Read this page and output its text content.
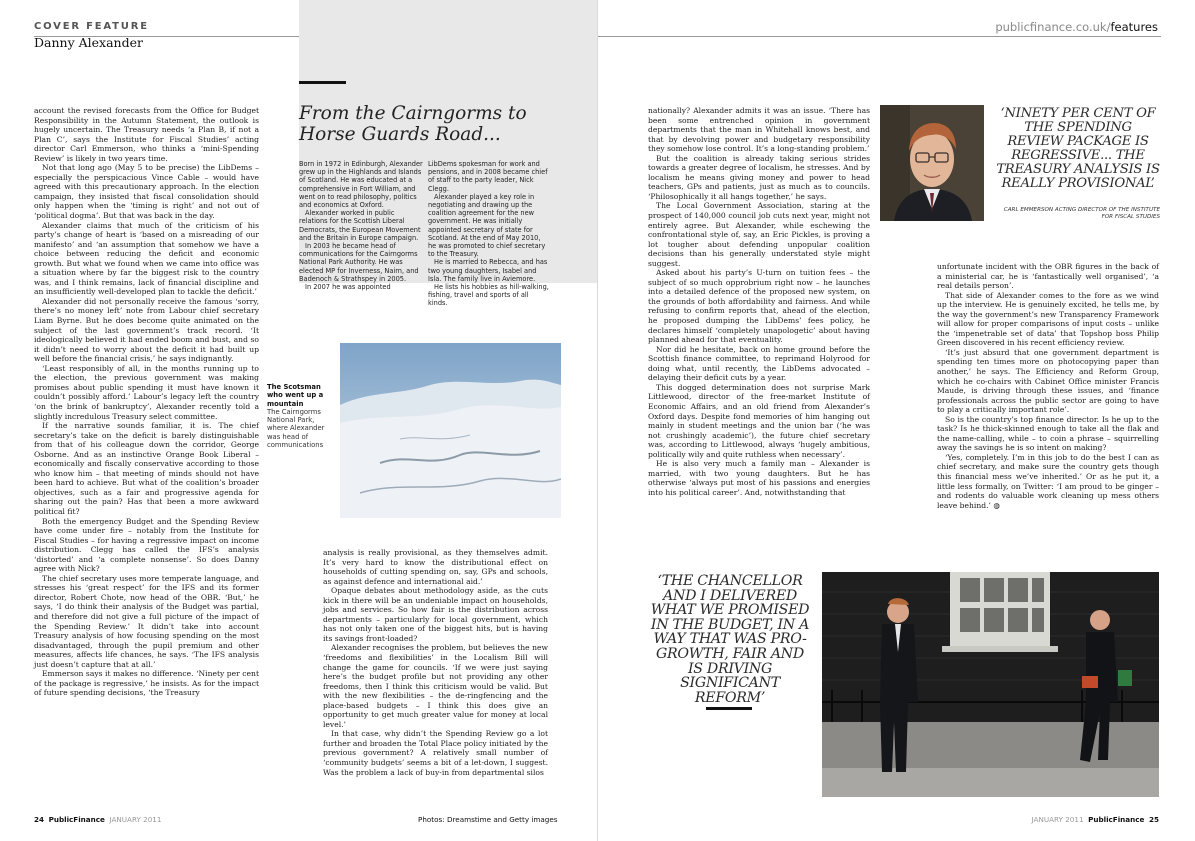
COVER FEATURE
Danny Alexander
publicfinance.co.uk/features
From the Cairngorms to Horse Guards Road...

Born in 1972 in Edinburgh, Alexander grew up in the Highlands and Islands of Scotland. He was educated at a comprehensive in Fort William, and went on to read philosophy, politics and economics at Oxford.

Alexander worked in public relations for the Scottish Liberal Democrats, the European Movement and the Britain in Europe campaign.

In 2003 he became head of communications for the Cairngorms National Park Authority. He was elected MP for Inverness, Nairn, and Badenoch & Strathspey in 2005.

In 2007 he was appointed

LibDems spokesman for work and pensions, and in 2008 became chief of staff to the party leader, Nick Clegg.

Alexander played a key role in negotiating and drawing up the coalition agreement for the new government. He was initially appointed secretary of state for Scotland. At the end of May 2010, he was promoted to chief secretary to the Treasury.

He is married to Rebecca, and has two young daughters, Isabel and Isla. The family live in Aviemore.

He lists his hobbies as hill-walking, fishing, travel and sports of all kinds.

The Scotsman who went up a mountain
The Cairngorms National Park, where Alexander was head of communications

account the revised forecasts from the Office for Budget Responsibility in the Autumn Statement, the outlook is hugely uncertain. The Treasury needs ‘a Plan B, if not a Plan C’, says the Institute for Fiscal Studies’ acting director Carl Emmerson, who thinks a ‘mini-Spending Review’ is likely in two years time.

Not that long ago (May 5 to be precise) the LibDems – especially the perspicacious Vince Cable – would have agreed with this precautionary approach. In the election campaign, they insisted that fiscal consolidation should only happen when the ‘timing is right’ and not out of ‘political dogma’. But that was back in the day.

Alexander claims that much of the criticism of his party’s change of heart is ‘based on a misreading of our manifesto’ and ‘an assumption that somehow we have a choice between reducing the deficit and economic growth. But what we found when we came into office was a situation where by far the biggest risk to the country was, and I think remains, lack of financial discipline and an insufficiently well-developed plan to tackle the deficit.’

Alexander did not personally receive the famous ‘sorry, there’s no money left’ note from Labour chief secretary Liam Byrne. But he does become quite animated on the subject of the last government’s track record. ‘It ideologically believed it had ended boom and bust, and so it didn’t need to worry about the deficit it had built up well before the financial crisis,’ he says indignantly.

‘Least responsibly of all, in the months running up to the election, the previous government was making promises about public spending it must have known it couldn’t possibly afford.’ Labour’s legacy left the country ‘on the brink of bankruptcy’, Alexander recently told a slightly incredulous Treasury select committee.

If the narrative sounds familiar, it is. The chief secretary’s take on the deficit is barely distinguishable from that of his colleague down the corridor, George Osborne. And as an instinctive Orange Book Liberal – economically and fiscally conservative according to those who know him – that meeting of minds should not have been hard to achieve. But what of the coalition’s broader objectives, such as a fair and progressive agenda for sharing out the pain? Has that been a more awkward political fit?

Both the emergency Budget and the Spending Review have come under fire – notably from the Institute for Fiscal Studies – for having a regressive impact on income distribution. Clegg has called the IFS’s analysis ‘distorted’ and ‘a complete nonsense’. So does Danny agree with Nick?

The chief secretary uses more temperate language, and stresses his ‘great respect’ for the IFS and its former director, Robert Chote, now head of the OBR. ‘But,’ he says, ‘I do think their analysis of the Budget was partial, and therefore did not give a full picture of the impact of the Spending Review.’ It didn’t take into account Treasury analysis of how focusing spending on the most disadvantaged, through the pupil premium and other measures, affects life chances, he says. ‘The IFS analysis just doesn’t capture that at all.’

Emmerson says it makes no difference. ‘Ninety per cent of the package is regressive,’ he insists. As for the impact of future spending decisions, ‘the Treasury

analysis is really provisional, as they themselves admit. It’s very hard to know the distributional effect on households of cutting spending on, say, GPs and schools, as against defence and international aid.’

Opaque debates about methodology aside, as the cuts kick in there will be an undeniable impact on households, jobs and services. So how fair is the distribution across departments – particularly for local government, which has not only taken one of the biggest hits, but is having its savings front-loaded?

Alexander recognises the problem, but believes the new ‘freedoms and flexibilities’ in the Localism Bill will change the game for councils. ‘If we were just saying here’s the budget profile but not providing any other freedoms, then I think this criticism would be valid. But with the new flexibilities – the de-ringfencing and the place-based budgets – I think this does give an opportunity to get much greater value for money at local level.’

In that case, why didn’t the Spending Review go a lot further and broaden the Total Place policy initiated by the previous government? A relatively small number of ‘community budgets’ seems a bit of a let-down, I suggest. Was the problem a lack of buy-in from departmental silos

nationally? Alexander admits it was an issue. ‘There has been some entrenched opinion in government departments that the man in Whitehall knows best, and that by devolving power and budgetary responsibility they somehow lose control. It’s a long-standing problem.’

But the coalition is already taking serious strides towards a greater degree of localism, he stresses. And by localism he means giving money and power to head teachers, GPs and patients, just as much as to councils. ‘Philosophically it all hangs together,’ he says.

The Local Government Association, staring at the prospect of 140,000 council job cuts next year, might not entirely agree. But Alexander, while eschewing the confrontational style of, say, an Eric Pickles, is proving a lot tougher about defending unpopular coalition decisions than his generally understated style might suggest.

Asked about his party’s U-turn on tuition fees – the subject of so much opprobrium right now – he launches into a detailed defence of the proposed new system, on the grounds of both affordability and fairness. And while refusing to confirm reports that, ahead of the election, he proposed dumping the LibDems’ fees policy, he declares himself ‘completely unapologetic’ about having planned ahead for that eventuality.

Nor did he hesitate, back on home ground before the Scottish finance committee, to reprimand Holyrood for doing what, until recently, the LibDems advocated – delaying their deficit cuts by a year.

This dogged determination does not surprise Mark Littlewood, director of the free-market Institute of Economic Affairs, and an old friend from Alexander’s Oxford days. Despite fond memories of him hanging out mainly in student meetings and the union bar (‘he was not crushingly academic’), the future chief secretary was, according to Littlewood, always ‘hugely ambitious, politically wily and quite ruthless when necessary’.

He is also very much a family man – Alexander is married, with two young daughters. But he has otherwise ‘always put most of his passions and energies into his political career’. And, notwithstanding that

unfortunate incident with the OBR figures in the back of a ministerial car, he is ‘fantastically well organised’, ‘a real details person’.

That side of Alexander comes to the fore as we wind up the interview. He is genuinely excited, he tells me, by the way the government’s new Transparency Framework will allow for proper comparisons of input costs – unlike the ‘impenetrable set of data’ that Topshop boss Philip Green discovered in his recent efficiency review.

‘It’s just absurd that one government department is spending ten times more on photocopying paper than another,’ he says. The Efficiency and Reform Group, which he co-chairs with Cabinet Office minister Francis Maude, is driving through these issues, and ‘finance professionals across the public sector are going to have to play a critically important role’.

So is the country’s top finance director. Is he up to the task? Is he thick-skinned enough to take all the flak and the name-calling, while – to coin a phrase – squirrelling away the savings he is so intent on making?

‘Yes, completely. I’m in this job to do the best I can as chief secretary, and make sure the country gets though this financial mess we’ve inherited.’ Or as he put it, a little less formally, on Twitter: ‘I am proud to be ginger – and rodents do valuable work cleaning up mess others leave behind.’ ◍

‘NINETY PER CENT OF THE SPENDING REVIEW PACKAGE IS REGRESSIVE... THE TREASURY ANALYSIS IS REALLY PROVISIONAL’
CARL EMMERSON ACTING DIRECTOR OF THE INSTITUTE FOR FISCAL STUDIES
‘THE CHANCELLOR AND I DELIVERED WHAT WE PROMISED IN THE BUDGET, IN A WAY THAT WAS PRO-GROWTH, FAIR AND IS DRIVING SIGNIFICANT REFORM’
24 PublicFinance JANUARY 2011	Photos: Dreamstime and Getty images	JANUARY 2011 PublicFinance 25
